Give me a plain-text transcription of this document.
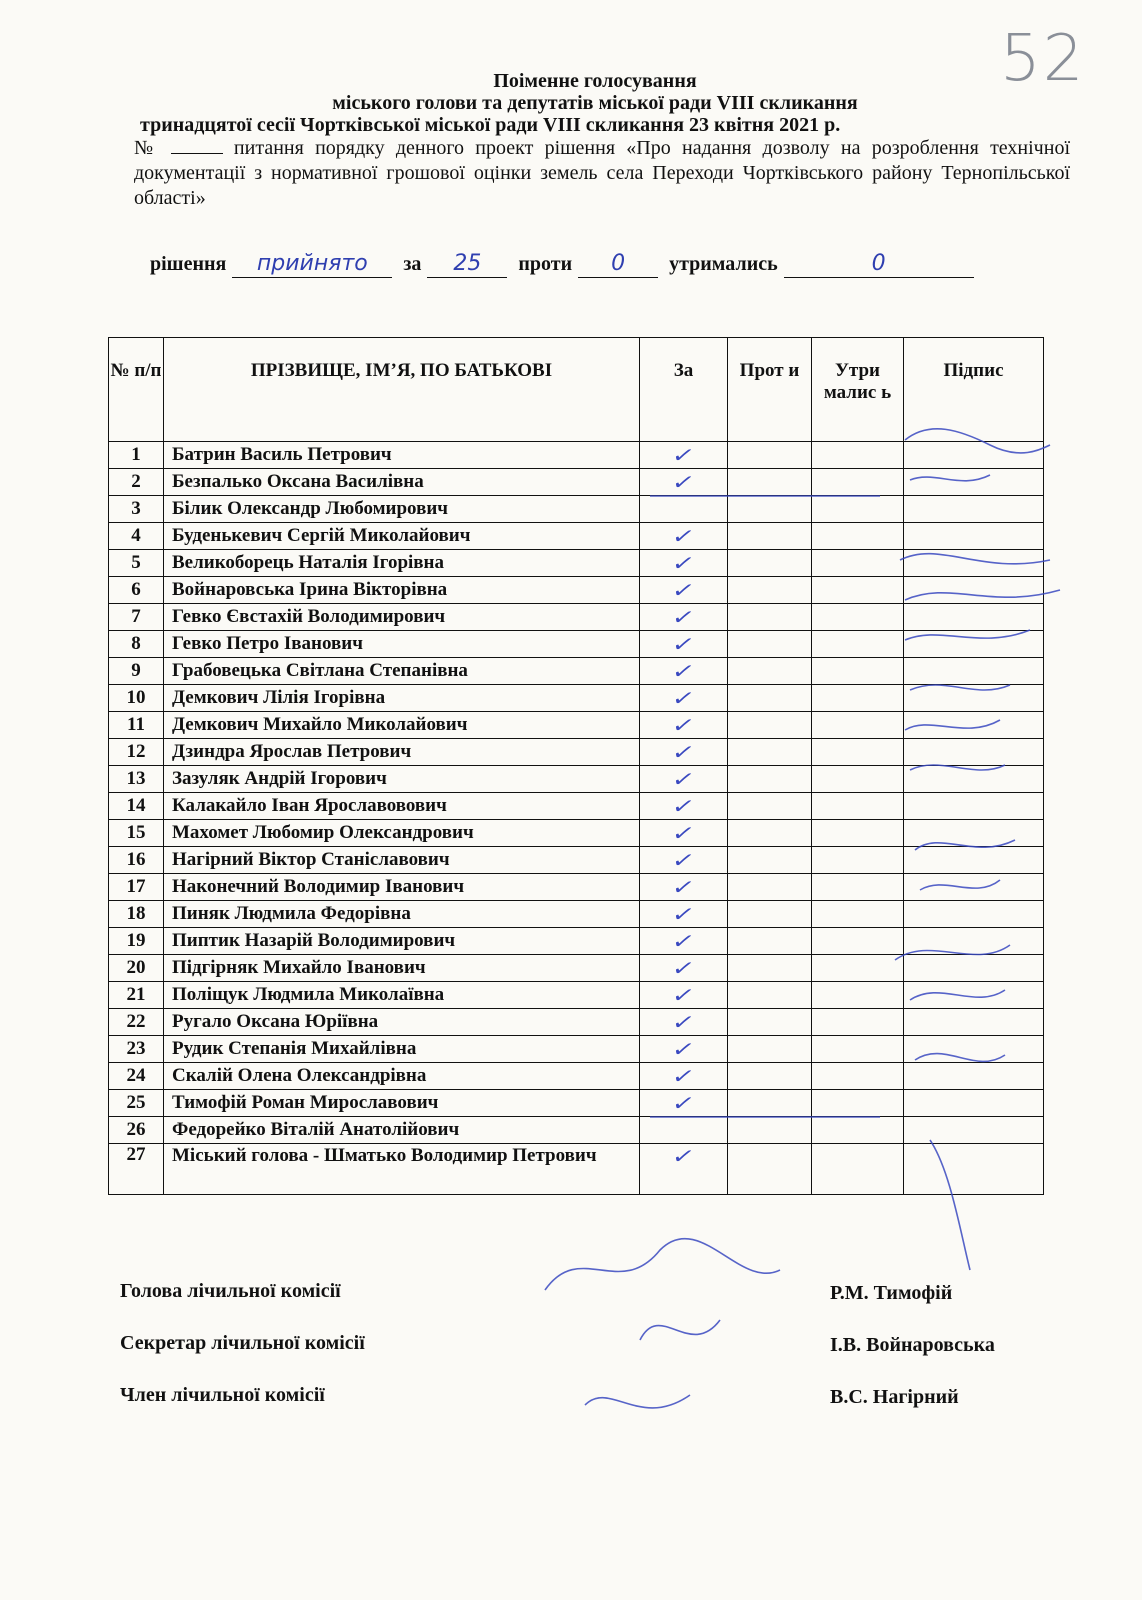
52
Поіменне голосування
міського голови та депутатів міської ради VIII скликання
тринадцятої сесії Чортківської міської ради VIII скликання 23 квітня 2021 р.
№	питання порядку денного проект рішення «Про надання дозволу на розроблення технічної документації з нормативної грошової оцінки земель села Переходи Чортківського району Тернопільської області»
рішення прийнято за 25 проти 0 утримались	0
№ п/п	ПРІЗВИЩЕ, ІМ’Я, ПО БАТЬКОВІ	За	Прот и	Утри малис ь	Підпис
1	Батрин Василь Петрович	✓			
2	Безпалько Оксана Василівна	✓			
3	Білик Олександр Любомирович				
4	Буденькевич Сергій Миколайович	✓			
5	Великоборець Наталія Ігорівна	✓			
6	Войнаровська Ірина Вікторівна	✓			
7	Гевко Євстахій Володимирович	✓			
8	Гевко Петро Іванович	✓			
9	Грабовецька Світлана Степанівна	✓			
10	Демкович Лілія Ігорівна	✓			
11	Демкович Михайло Миколайович	✓			
12	Дзиндра Ярослав Петрович	✓			
13	Зазуляк Андрій Ігорович	✓			
14	Калакайло Іван Ярославовович	✓			
15	Махомет Любомир Олександрович	✓			
16	Нагірний Віктор Станіславович	✓			
17	Наконечний Володимир Іванович	✓			
18	Пиняк Людмила Федорівна	✓			
19	Пиптик Назарій Володимирович	✓			
20	Підгірняк Михайло Іванович	✓			
21	Поліщук Людмила Миколаївна	✓			
22	Ругало Оксана Юріївна	✓			
23	Рудик Степанія Михайлівна	✓			
24	Скалій Олена Олександрівна	✓			
25	Тимофій Роман Мирославович	✓			
26	Федорейко Віталій Анатолійович				
27	Міський голова - Шматько Володимир Петрович	✓			
Голова лічильної комісії	Р.М. Тимофій
Секретар лічильної комісії	І.В. Войнаровська
Член лічильної комісії	В.С. Нагірний
